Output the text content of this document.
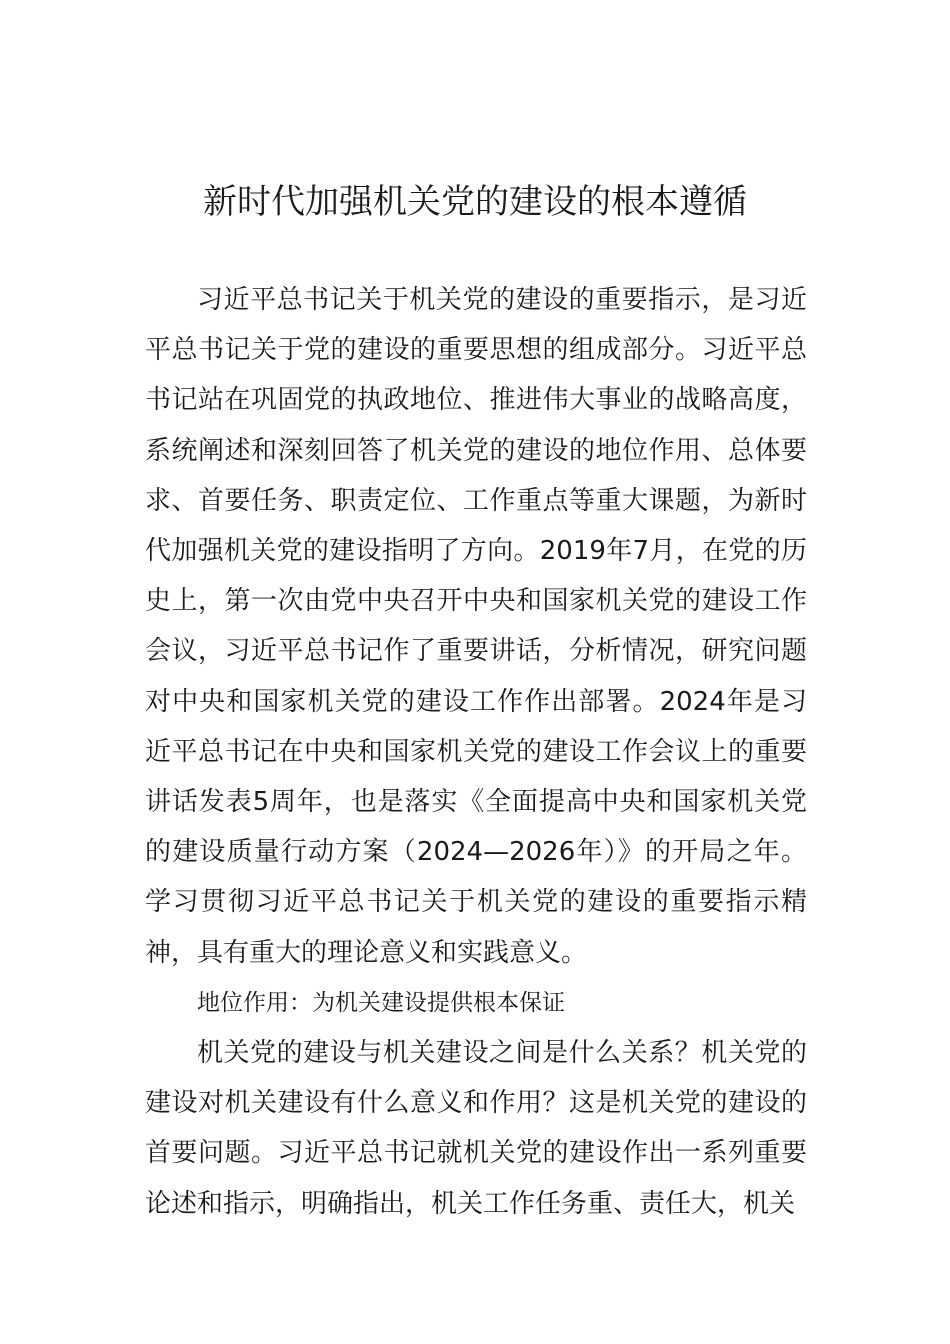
新时代加强机关党的建设的根本遵循

习近平总书记关于机关党的建设的重要指示，是习近平总书记关于党的建设的重要思想的组成部分。习近平总书记站在巩固党的执政地位、推进伟大事业的战略高度，系统阐述和深刻回答了机关党的建设的地位作用、总体要求、首要任务、职责定位、工作重点等重大课题，为新时代加强机关党的建设指明了方向。2019年7月，在党的历史上，第一次由党中央召开中央和国家机关党的建设工作会议，习近平总书记作了重要讲话，分析情况，研究问题对中央和国家机关党的建设工作作出部署。2024年是习近平总书记在中央和国家机关党的建设工作会议上的重要讲话发表5周年，也是落实《全面提高中央和国家机关党的建设质量行动方案（2024—2026年）》的开局之年。学习贯彻习近平总书记关于机关党的建设的重要指示精神，具有重大的理论意义和实践意义。

地位作用：为机关建设提供根本保证

机关党的建设与机关建设之间是什么关系？机关党的建设对机关建设有什么意义和作用？这是机关党的建设的首要问题。习近平总书记就机关党的建设作出一系列重要论述和指示，明确指出，机关工作任务重、责任大，机关
